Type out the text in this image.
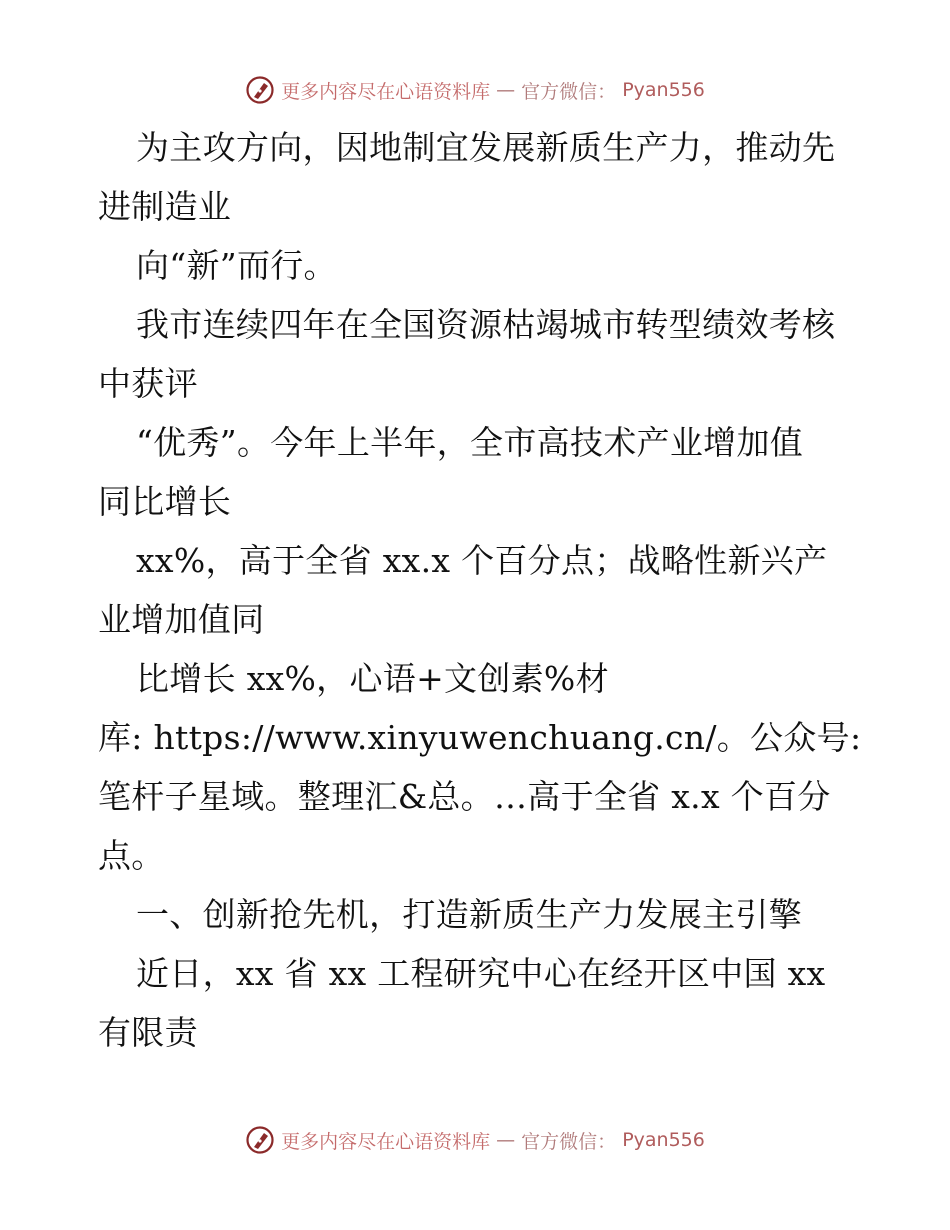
更多内容尽在心语资料库 — 官方微信： Pyan556
为主攻方向，因地制宜发展新质生产力，推动先
进制造业
向“新”而行。
我市连续四年在全国资源枯竭城市转型绩效考核
中获评
“优秀”。今年上半年，全市高技术产业增加值
同比增长
xx%，高于全省 xx.x 个百分点；战略性新兴产
业增加值同
比增长 xx%，心语+文创素%材
库: https://www.xinyuwenchuang.cn/。公众号:
笔杆子星域。整理汇&总。…高于全省 x.x 个百分
点。
一、创新抢先机，打造新质生产力发展主引擎
近日，xx 省 xx 工程研究中心在经开区中国 xx
有限责
更多内容尽在心语资料库 — 官方微信： Pyan556
